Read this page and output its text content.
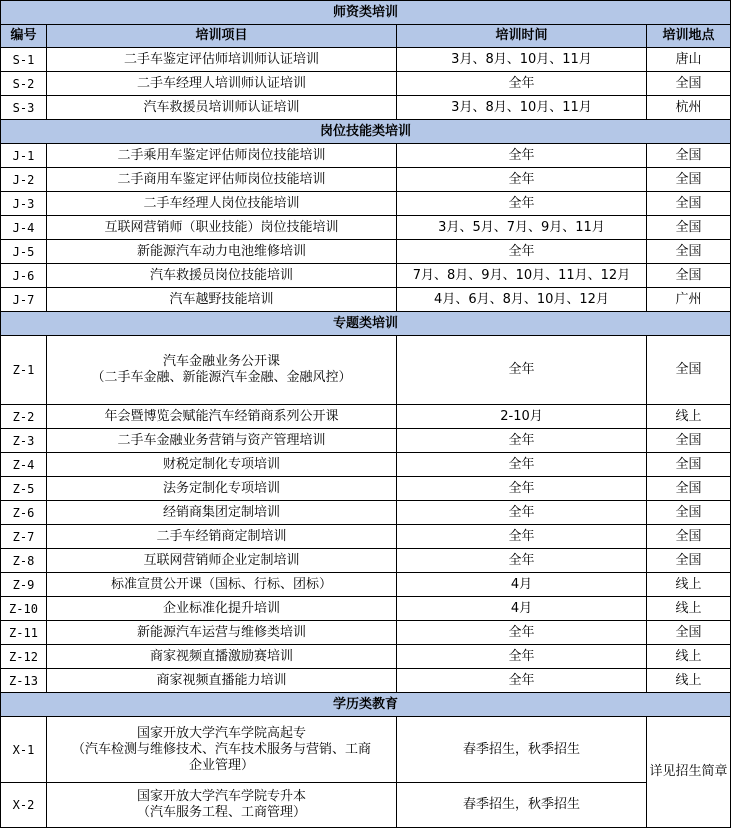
师资类培训			
编号	培训项目	培训时间	培训地点
S-1	二手车鉴定评估师培训师认证培训	3月、8月、10月、11月	唐山
S-2	二手车经理人培训师认证培训	全年	全国
S-3	汽车救援员培训师认证培训	3月、8月、10月、11月	杭州
岗位技能类培训			
J-1	二手乘用车鉴定评估师岗位技能培训	全年	全国
J-2	二手商用车鉴定评估师岗位技能培训	全年	全国
J-3	二手车经理人岗位技能培训	全年	全国
J-4	互联网营销师（职业技能）岗位技能培训	3月、5月、7月、9月、11月	全国
J-5	新能源汽车动力电池维修培训	全年	全国
J-6	汽车救援员岗位技能培训	7月、8月、9月、10月、11月、12月	全国
J-7	汽车越野技能培训	4月、6月、8月、10月、12月	广州
专题类培训			
Z-1	汽车金融业务公开课
（二手车金融、新能源汽车金融、金融风控）	全年	全国
Z-2	年会暨博览会赋能汽车经销商系列公开课	2-10月	线上
Z-3	二手车金融业务营销与资产管理培训	全年	全国
Z-4	财税定制化专项培训	全年	全国
Z-5	法务定制化专项培训	全年	全国
Z-6	经销商集团定制培训	全年	全国
Z-7	二手车经销商定制培训	全年	全国
Z-8	互联网营销师企业定制培训	全年	全国
Z-9	标准宣贯公开课（国标、行标、团标）	4月	线上
Z-10	企业标准化提升培训	4月	线上
Z-11	新能源汽车运营与维修类培训	全年	全国
Z-12	商家视频直播激励赛培训	全年	线上
Z-13	商家视频直播能力培训	全年	线上
学历类教育			
X-1	国家开放大学汽车学院高起专
（汽车检测与维修技术、汽车技术服务与营销、工商
企业管理）	春季招生，秋季招生	详见招生简章
X-2	国家开放大学汽车学院专升本
（汽车服务工程、工商管理）	春季招生，秋季招生	
